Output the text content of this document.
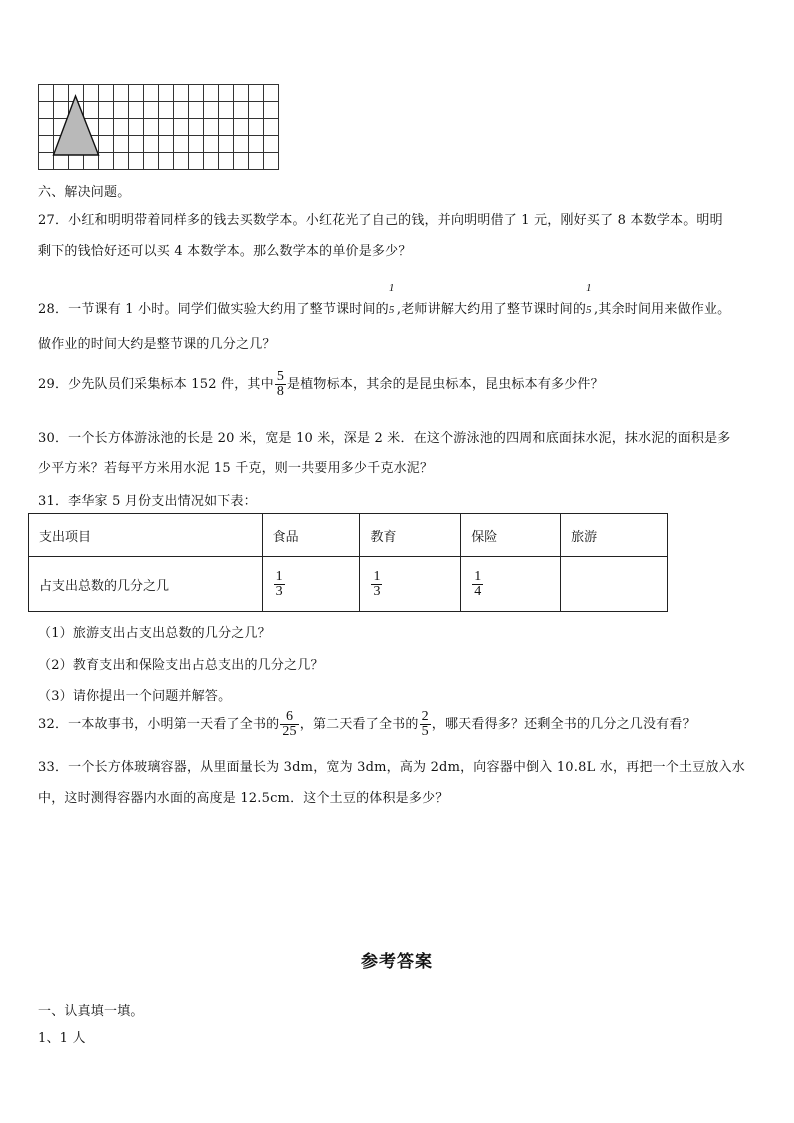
六、解决问题。
27．小红和明明带着同样多的钱去买数学本。小红花光了自己的钱，并向明明借了 1 元，刚好买了 8 本数学本。明明
剩下的钱恰好还可以买 4 本数学本。那么数学本的单价是多少？
28．一节课有 1 小时。同学们做实验大约用了整节课时间的
1
5 ,老师讲解大约用了整节课时间的
1
5 ,其余时间用来做作业。
做作业的时间大约是整节课的几分之几？
29．少先队员们采集标本 152 件，其中 $\frac{5}{8}$ 是植物标本，其余的是昆虫标本，昆虫标本有多少件？
30．一个长方体游泳池的长是 20 米，宽是 10 米，深是 2 米．在这个游泳池的四周和底面抹水泥，抹水泥的面积是多
少平方米？若每平方米用水泥 15 千克，则一共要用多少千克水泥？
31．李华家 5 月份支出情况如下表：
支出项目	食品	教育	保险	旅游
占支出总数的几分之几	$\frac{1}{3}$	$\frac{1}{3}$	$\frac{1}{4}$

（1）旅游支出占支出总数的几分之几？
（2）教育支出和保险支出占总支出的几分之几？
（3）请你提出一个问题并解答。
32．一本故事书，小明第一天看了全书的 $\frac{6}{25}$ ，第二天看了全书的 $\frac{2}{5}$ ，哪天看得多？还剩全书的几分之几没有看？
33．一个长方体玻璃容器，从里面量长为 3dm，宽为 3dm，高为 2dm，向容器中倒入 10.8L 水，再把一个土豆放入水
中，这时测得容器内水面的高度是 12.5cm．这个土豆的体积是多少？
参考答案
一、认真填一填。
1、1 人
